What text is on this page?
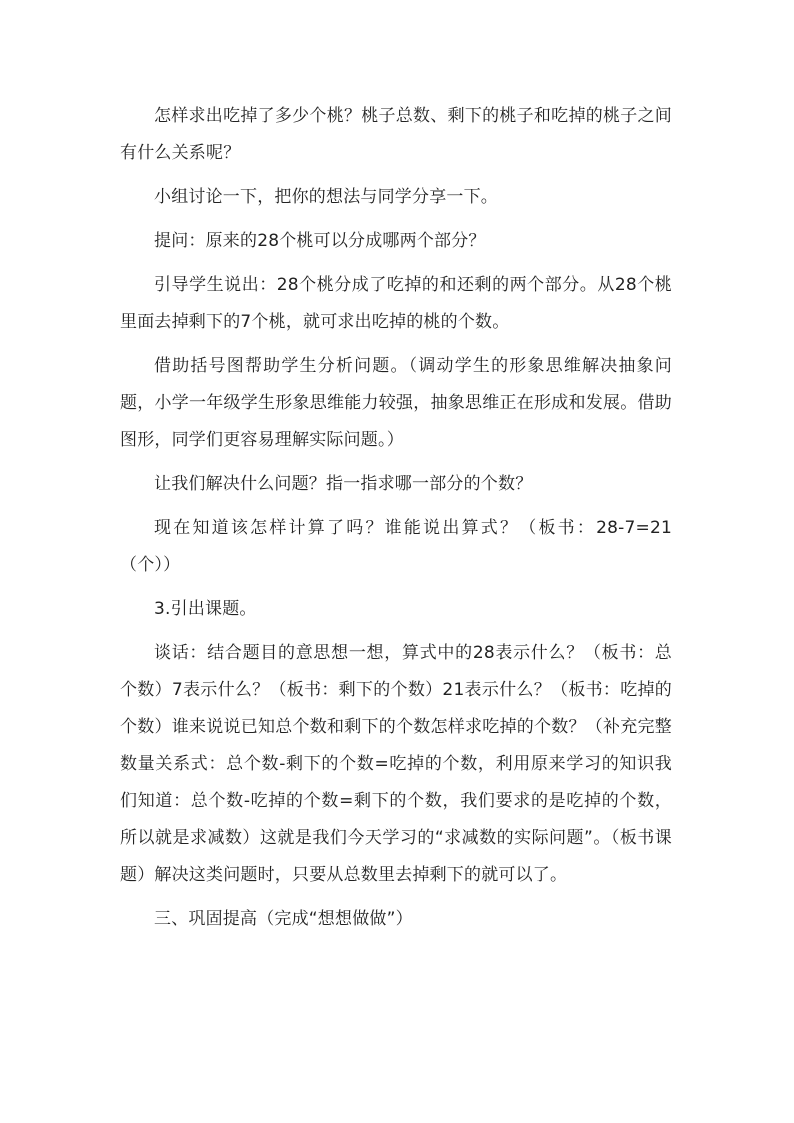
怎样求出吃掉了多少个桃？桃子总数、剩下的桃子和吃掉的桃子之间有什么关系呢？

小组讨论一下，把你的想法与同学分享一下。

提问：原来的28个桃可以分成哪两个部分？

引导学生说出：28个桃分成了吃掉的和还剩的两个部分。从28个桃里面去掉剩下的7个桃，就可求出吃掉的桃的个数。

借助括号图帮助学生分析问题。（调动学生的形象思维解决抽象问题，小学一年级学生形象思维能力较强，抽象思维正在形成和发展。借助图形，同学们更容易理解实际问题。）

让我们解决什么问题？指一指求哪一部分的个数？

现在知道该怎样计算了吗？谁能说出算式？（板书：28-7=21（个））

3.引出课题。

谈话：结合题目的意思想一想，算式中的28表示什么？（板书：总个数）7表示什么？（板书：剩下的个数）21表示什么？（板书：吃掉的个数）谁来说说已知总个数和剩下的个数怎样求吃掉的个数？（补充完整数量关系式：总个数-剩下的个数=吃掉的个数，利用原来学习的知识我们知道：总个数-吃掉的个数=剩下的个数，我们要求的是吃掉的个数，所以就是求减数）这就是我们今天学习的“求减数的实际问题”。（板书课题）解决这类问题时，只要从总数里去掉剩下的就可以了。

三、巩固提高（完成“想想做做”）
